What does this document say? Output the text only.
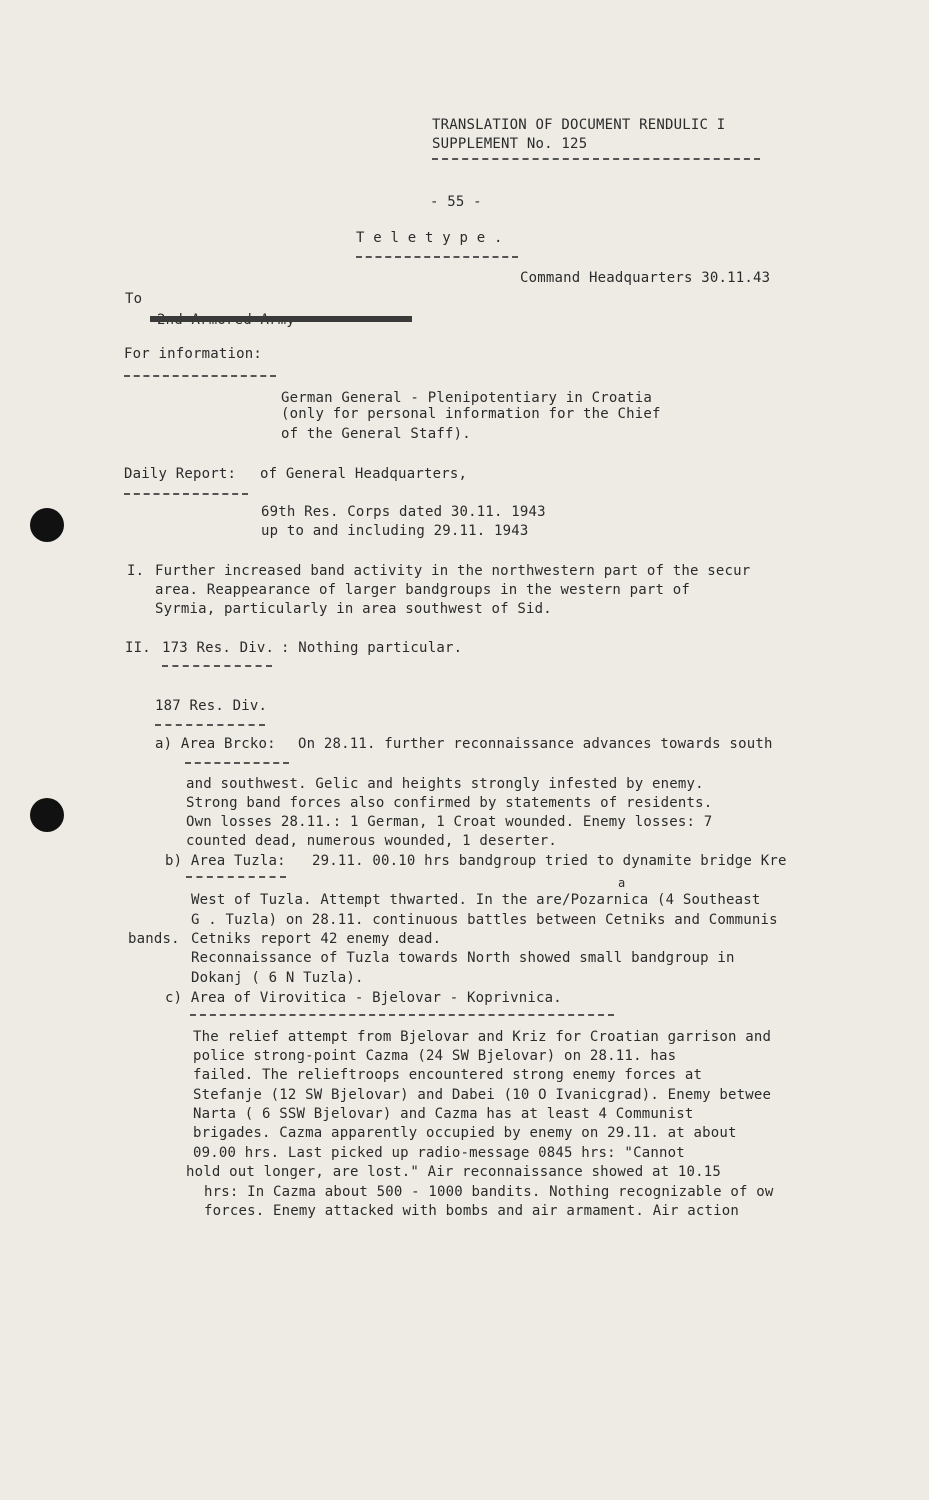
TRANSLATION OF DOCUMENT RENDULIC I
SUPPLEMENT No. 125
- 55 -
T e l e t y p e .
Command Headquarters 30.11.43
To
For information:
German General - Plenipotentiary in Croatia
(only for personal information for the Chief
of the General Staff).
Daily Report: of General Headquarters,
69th Res. Corps dated 30.11. 1943
up to and including 29.11. 1943
I. Further increased band activity in the northwestern part of the secur
area. Reappearance of larger bandgroups in the western part of
Syrmia, particularly in area southwest of Sid.
II. 173 Res. Div. : Nothing particular.
187 Res. Div.
a) Area Brcko: On 28.11. further reconnaissance advances towards south
and southwest. Gelic and heights strongly infested by enemy.
Strong band forces also confirmed by statements of residents.
Own losses 28.11.: 1 German, 1 Croat wounded. Enemy losses: 7
counted dead, numerous wounded, 1 deserter.
b) Area Tuzla: 29.11. 00.10 hrs bandgroup tried to dynamite bridge Kre
a
West of Tuzla. Attempt thwarted. In the are/Pozarnica (4 Southeast
G . Tuzla) on 28.11. continuous battles between Cetniks and Communis
bands. Cetniks report 42 enemy dead.
Reconnaissance of Tuzla towards North showed small bandgroup in
Dokanj ( 6 N Tuzla).
c) Area of Virovitica - Bjelovar - Koprivnica.
The relief attempt from Bjelovar and Kriz for Croatian garrison and
police strong-point Cazma (24 SW Bjelovar) on 28.11. has
failed. The relieftroops encountered strong enemy forces at
Stefanje (12 SW Bjelovar) and Dabei (10 O Ivanicgrad). Enemy betwee
Narta ( 6 SSW Bjelovar) and Cazma has at least 4 Communist
brigades. Cazma apparently occupied by enemy on 29.11. at about
09.00 hrs. Last picked up radio-message 0845 hrs: "Cannot
hold out longer, are lost." Air reconnaissance showed at 10.15
hrs: In Cazma about 500 - 1000 bandits. Nothing recognizable of ow
forces. Enemy attacked with bombs and air armament. Air action
